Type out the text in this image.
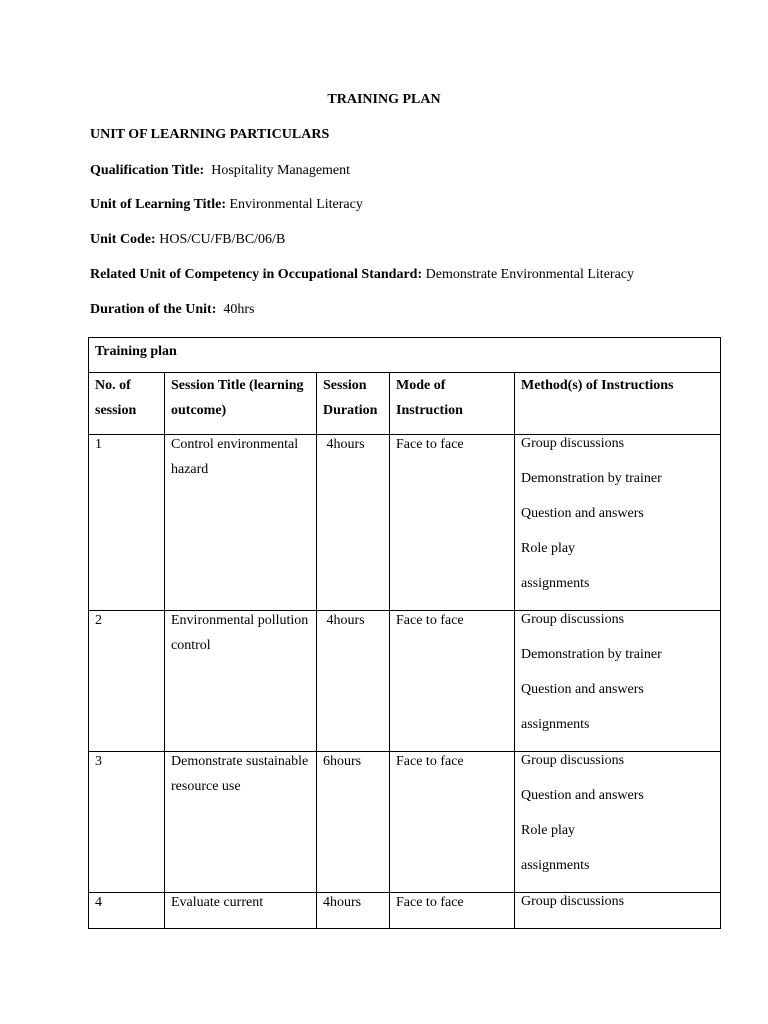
TRAINING PLAN
UNIT OF LEARNING PARTICULARS
Qualification Title:  Hospitality Management
Unit of Learning Title: Environmental Literacy
Unit Code: HOS/CU/FB/BC/06/B
Related Unit of Competency in Occupational Standard: Demonstrate Environmental Literacy
Duration of the Unit:  40hrs
Training plan				

No. of session	Session Title (learning outcome)	Session Duration	Mode of Instruction	Method(s) of Instructions

1	Control environmental hazard	4hours	Face to face	Group discussions
Demonstration by trainer
Question and answers
Role play
assignments

2	Environmental pollution control	4hours	Face to face	Group discussions
Demonstration by trainer
Question and answers
assignments

3	Demonstrate sustainable resource use	6hours	Face to face	Group discussions
Question and answers
Role play
assignments

4	Evaluate current	4hours	Face to face	Group discussions
